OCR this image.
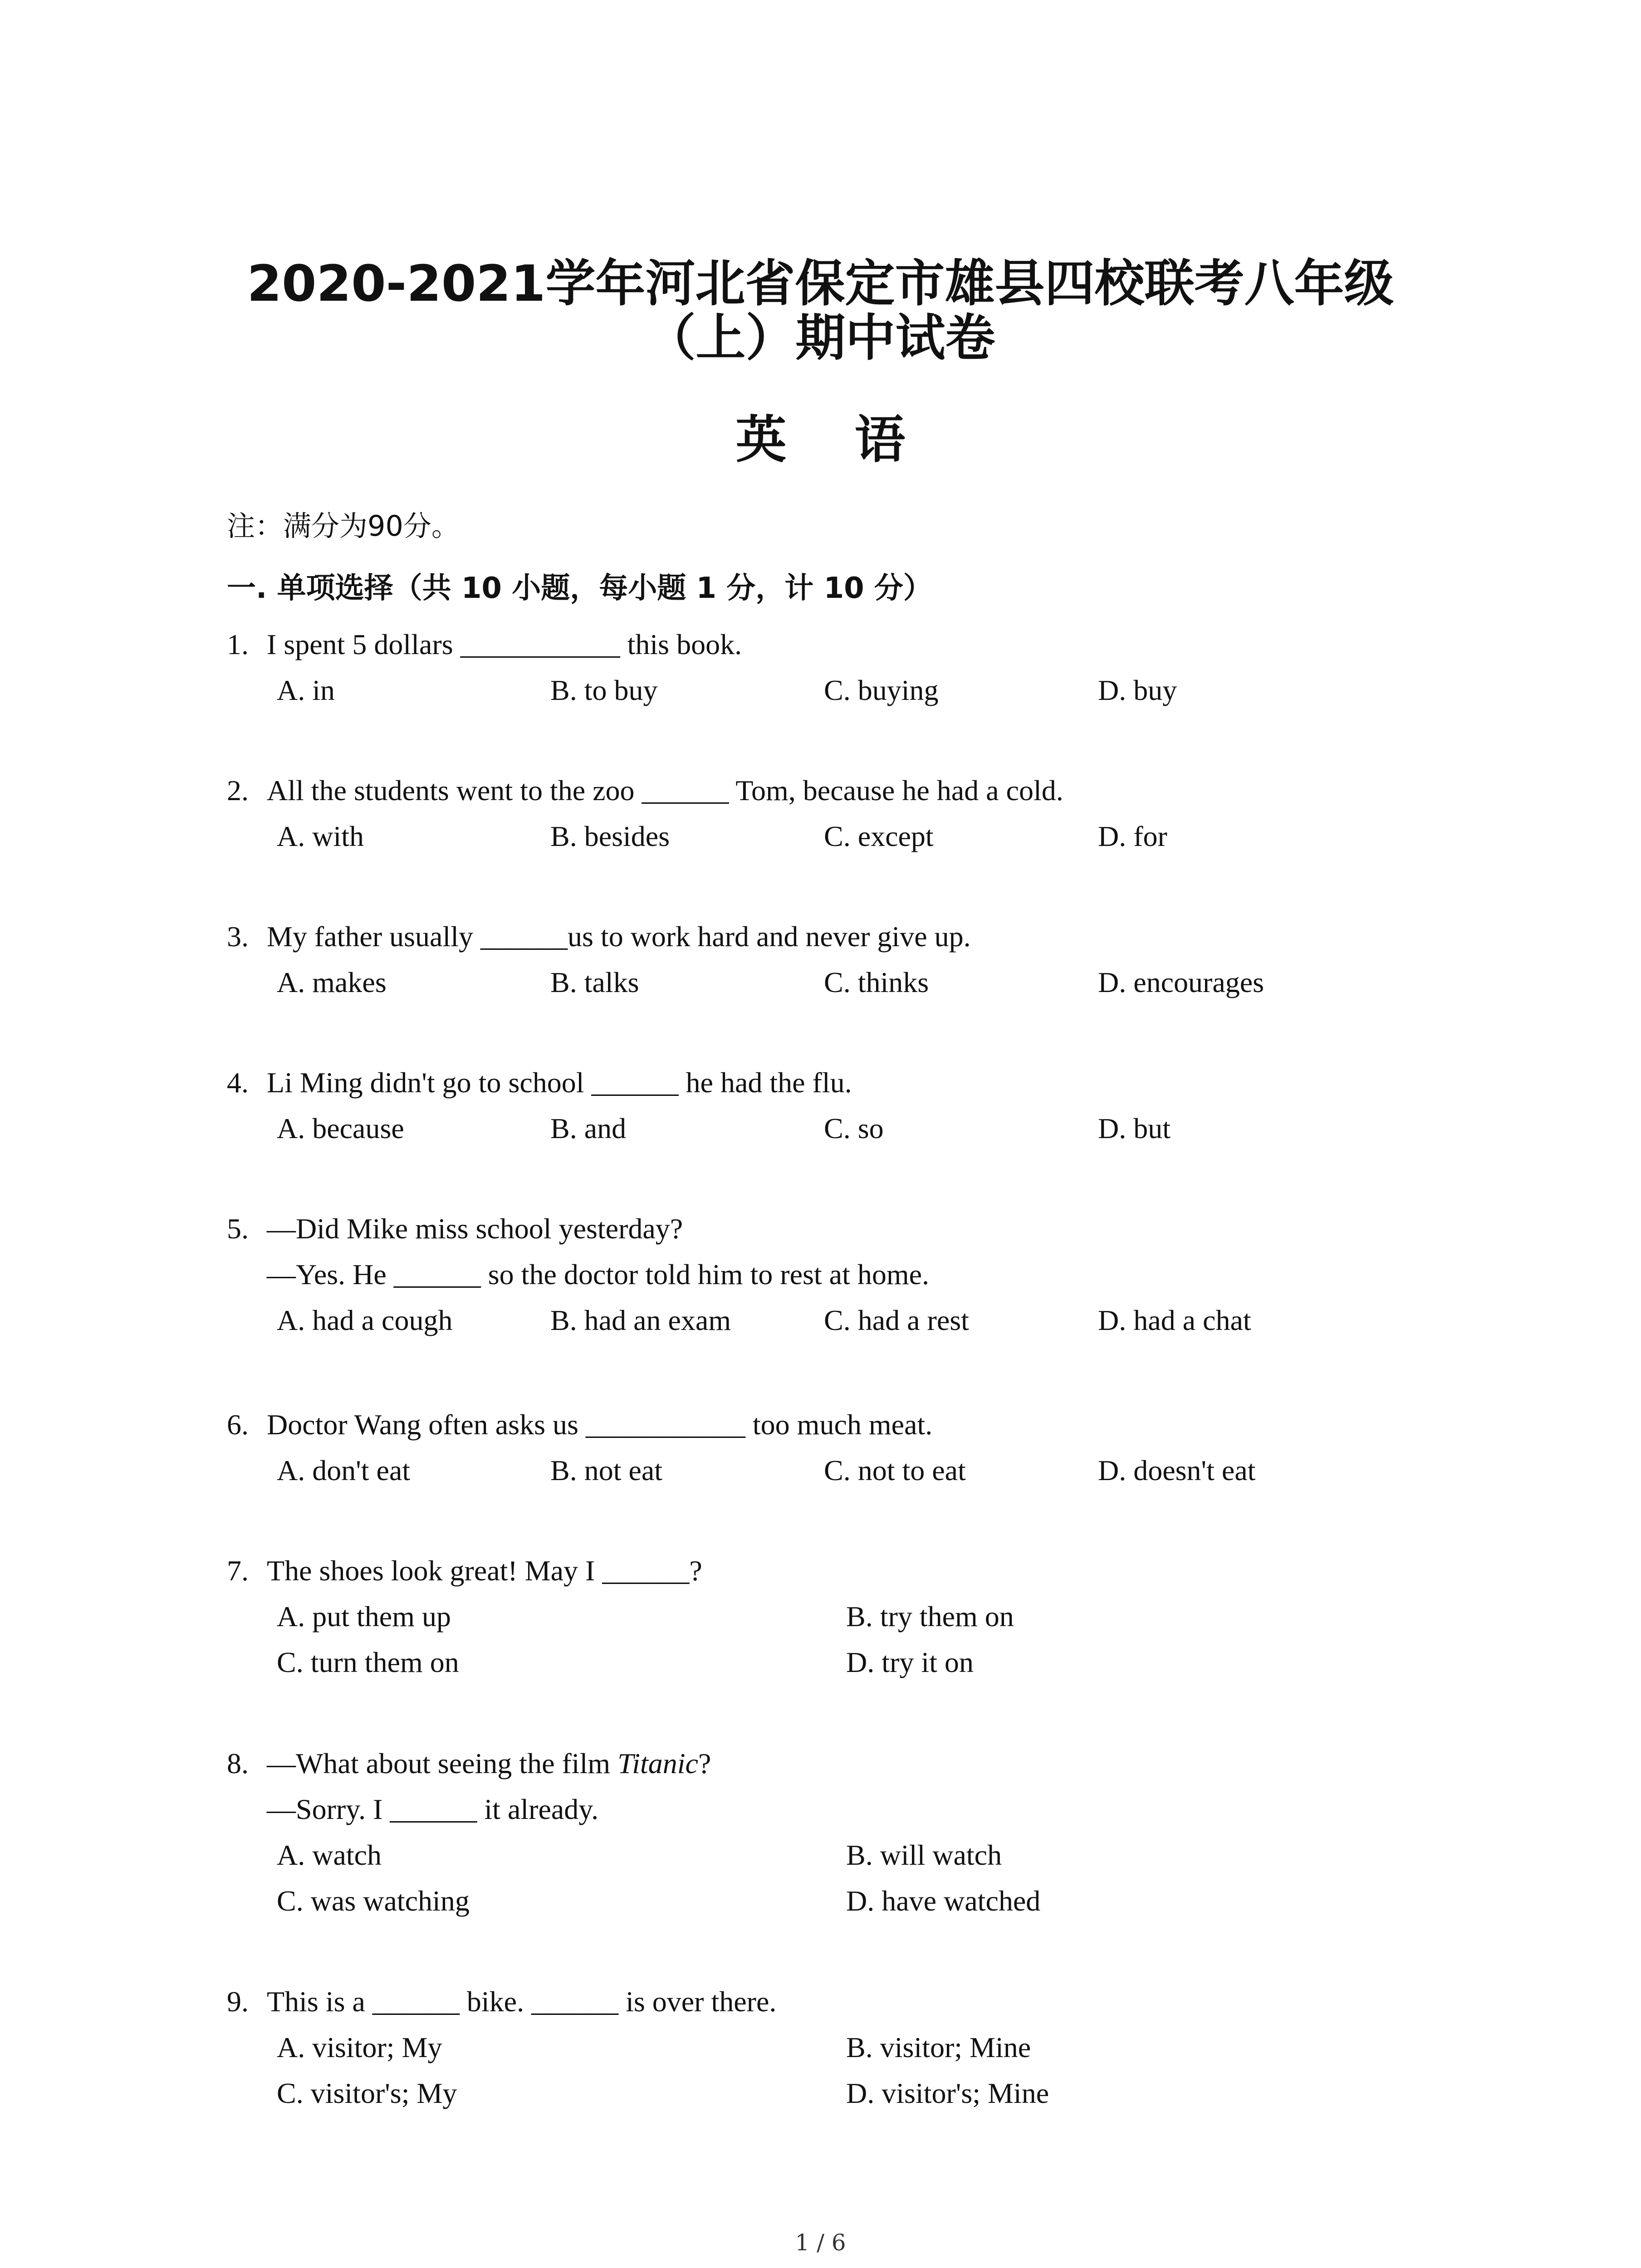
2020-2021学年河北省保定市雄县四校联考八年级
（上）期中试卷
英语
注：满分为90分。
一. 单项选择（共 10 小题，每小题 1 分，计 10 分）
1. I spent 5 dollars ___________ this book.
A. in	B. to buy	C. buying	D. buy
2. All the students went to the zoo ______ Tom, because he had a cold.
A. with	B. besides	C. except	D. for
3. My father usually ______us to work hard and never give up.
A. makes	B. talks	C. thinks	D. encourages
4. Li Ming didn't go to school ______ he had the flu.
A. because	B. and	C. so	D. but
5. —Did Mike miss school yesterday?
—Yes. He ______ so the doctor told him to rest at home.
A. had a cough	B. had an exam	C. had a rest	D. had a chat
6. Doctor Wang often asks us ___________ too much meat.
A. don't eat	B. not eat	C. not to eat	D. doesn't eat
7. The shoes look great! May I ______?
A. put them up	B. try them on
C. turn them on	D. try it on
8. —What about seeing the film Titanic?
—Sorry. I ______ it already.
A. watch	B. will watch
C. was watching	D. have watched
9. This is a ______ bike. ______ is over there.
A. visitor; My	B. visitor; Mine
C. visitor's; My	D. visitor's; Mine
1 / 6
